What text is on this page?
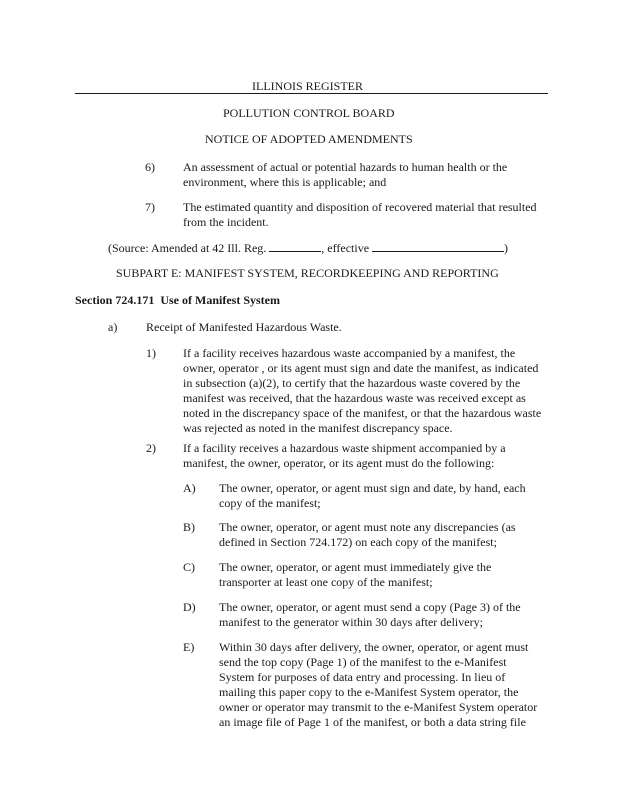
ILLINOIS REGISTER
POLLUTION CONTROL BOARD
NOTICE OF ADOPTED AMENDMENTS
6) An assessment of actual or potential hazards to human health or the
environment, where this is applicable; and
7) The estimated quantity and disposition of recovered material that resulted
from the incident.
(Source: Amended at 42 Ill. Reg.	, effective	)
SUBPART E: MANIFEST SYSTEM, RECORDKEEPING AND REPORTING
Section 724.171 Use of Manifest System
a) Receipt of Manifested Hazardous Waste.
1) If a facility receives hazardous waste accompanied by a manifest, the
owner, operator , or its agent must sign and date the manifest, as indicated
in subsection (a)(2), to certify that the hazardous waste covered by the
manifest was received, that the hazardous waste was received except as
noted in the discrepancy space of the manifest, or that the hazardous waste
was rejected as noted in the manifest discrepancy space.
2) If a facility receives a hazardous waste shipment accompanied by a
manifest, the owner, operator, or its agent must do the following:
A) The owner, operator, or agent must sign and date, by hand, each
copy of the manifest;
B) The owner, operator, or agent must note any discrepancies (as
defined in Section 724.172) on each copy of the manifest;
C) The owner, operator, or agent must immediately give the
transporter at least one copy of the manifest;
D) The owner, operator, or agent must send a copy (Page 3) of the
manifest to the generator within 30 days after delivery;
E) Within 30 days after delivery, the owner, operator, or agent must
send the top copy (Page 1) of the manifest to the e-Manifest
System for purposes of data entry and processing. In lieu of
mailing this paper copy to the e-Manifest System operator, the
owner or operator may transmit to the e-Manifest System operator
an image file of Page 1 of the manifest, or both a data string file
